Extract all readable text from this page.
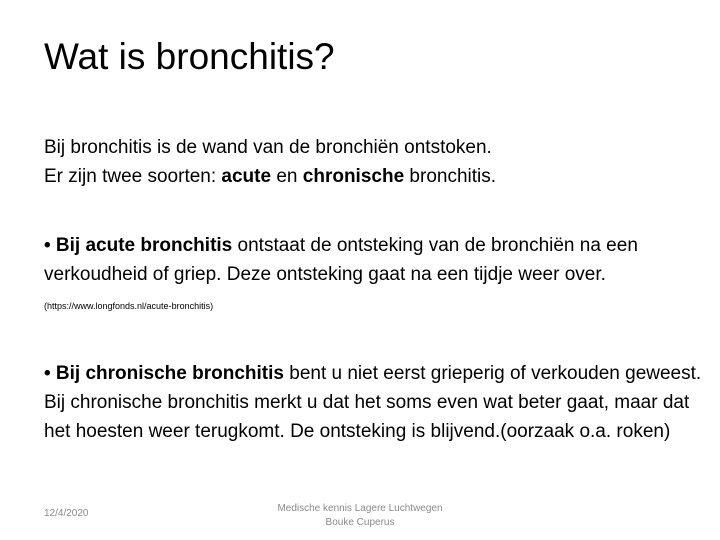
Wat is bronchitis?

Bij bronchitis is de wand van de bronchiën ontstoken.

Er zijn twee soorten: acute en chronische bronchitis.

• Bij acute bronchitis ontstaat de ontsteking van de bronchiën na een verkoudheid of griep. Deze ontsteking gaat na een tijdje weer over. (https://www.longfonds.nl/acute-bronchitis)

• Bij chronische bronchitis bent u niet eerst grieperig of verkouden geweest. Bij chronische bronchitis merkt u dat het soms even wat beter gaat, maar dat het hoesten weer terugkomt. De ontsteking is blijvend.(oorzaak o.a. roken)

12/4/2020	Medische kennis Lagere Luchtwegen
Bouke Cuperus
